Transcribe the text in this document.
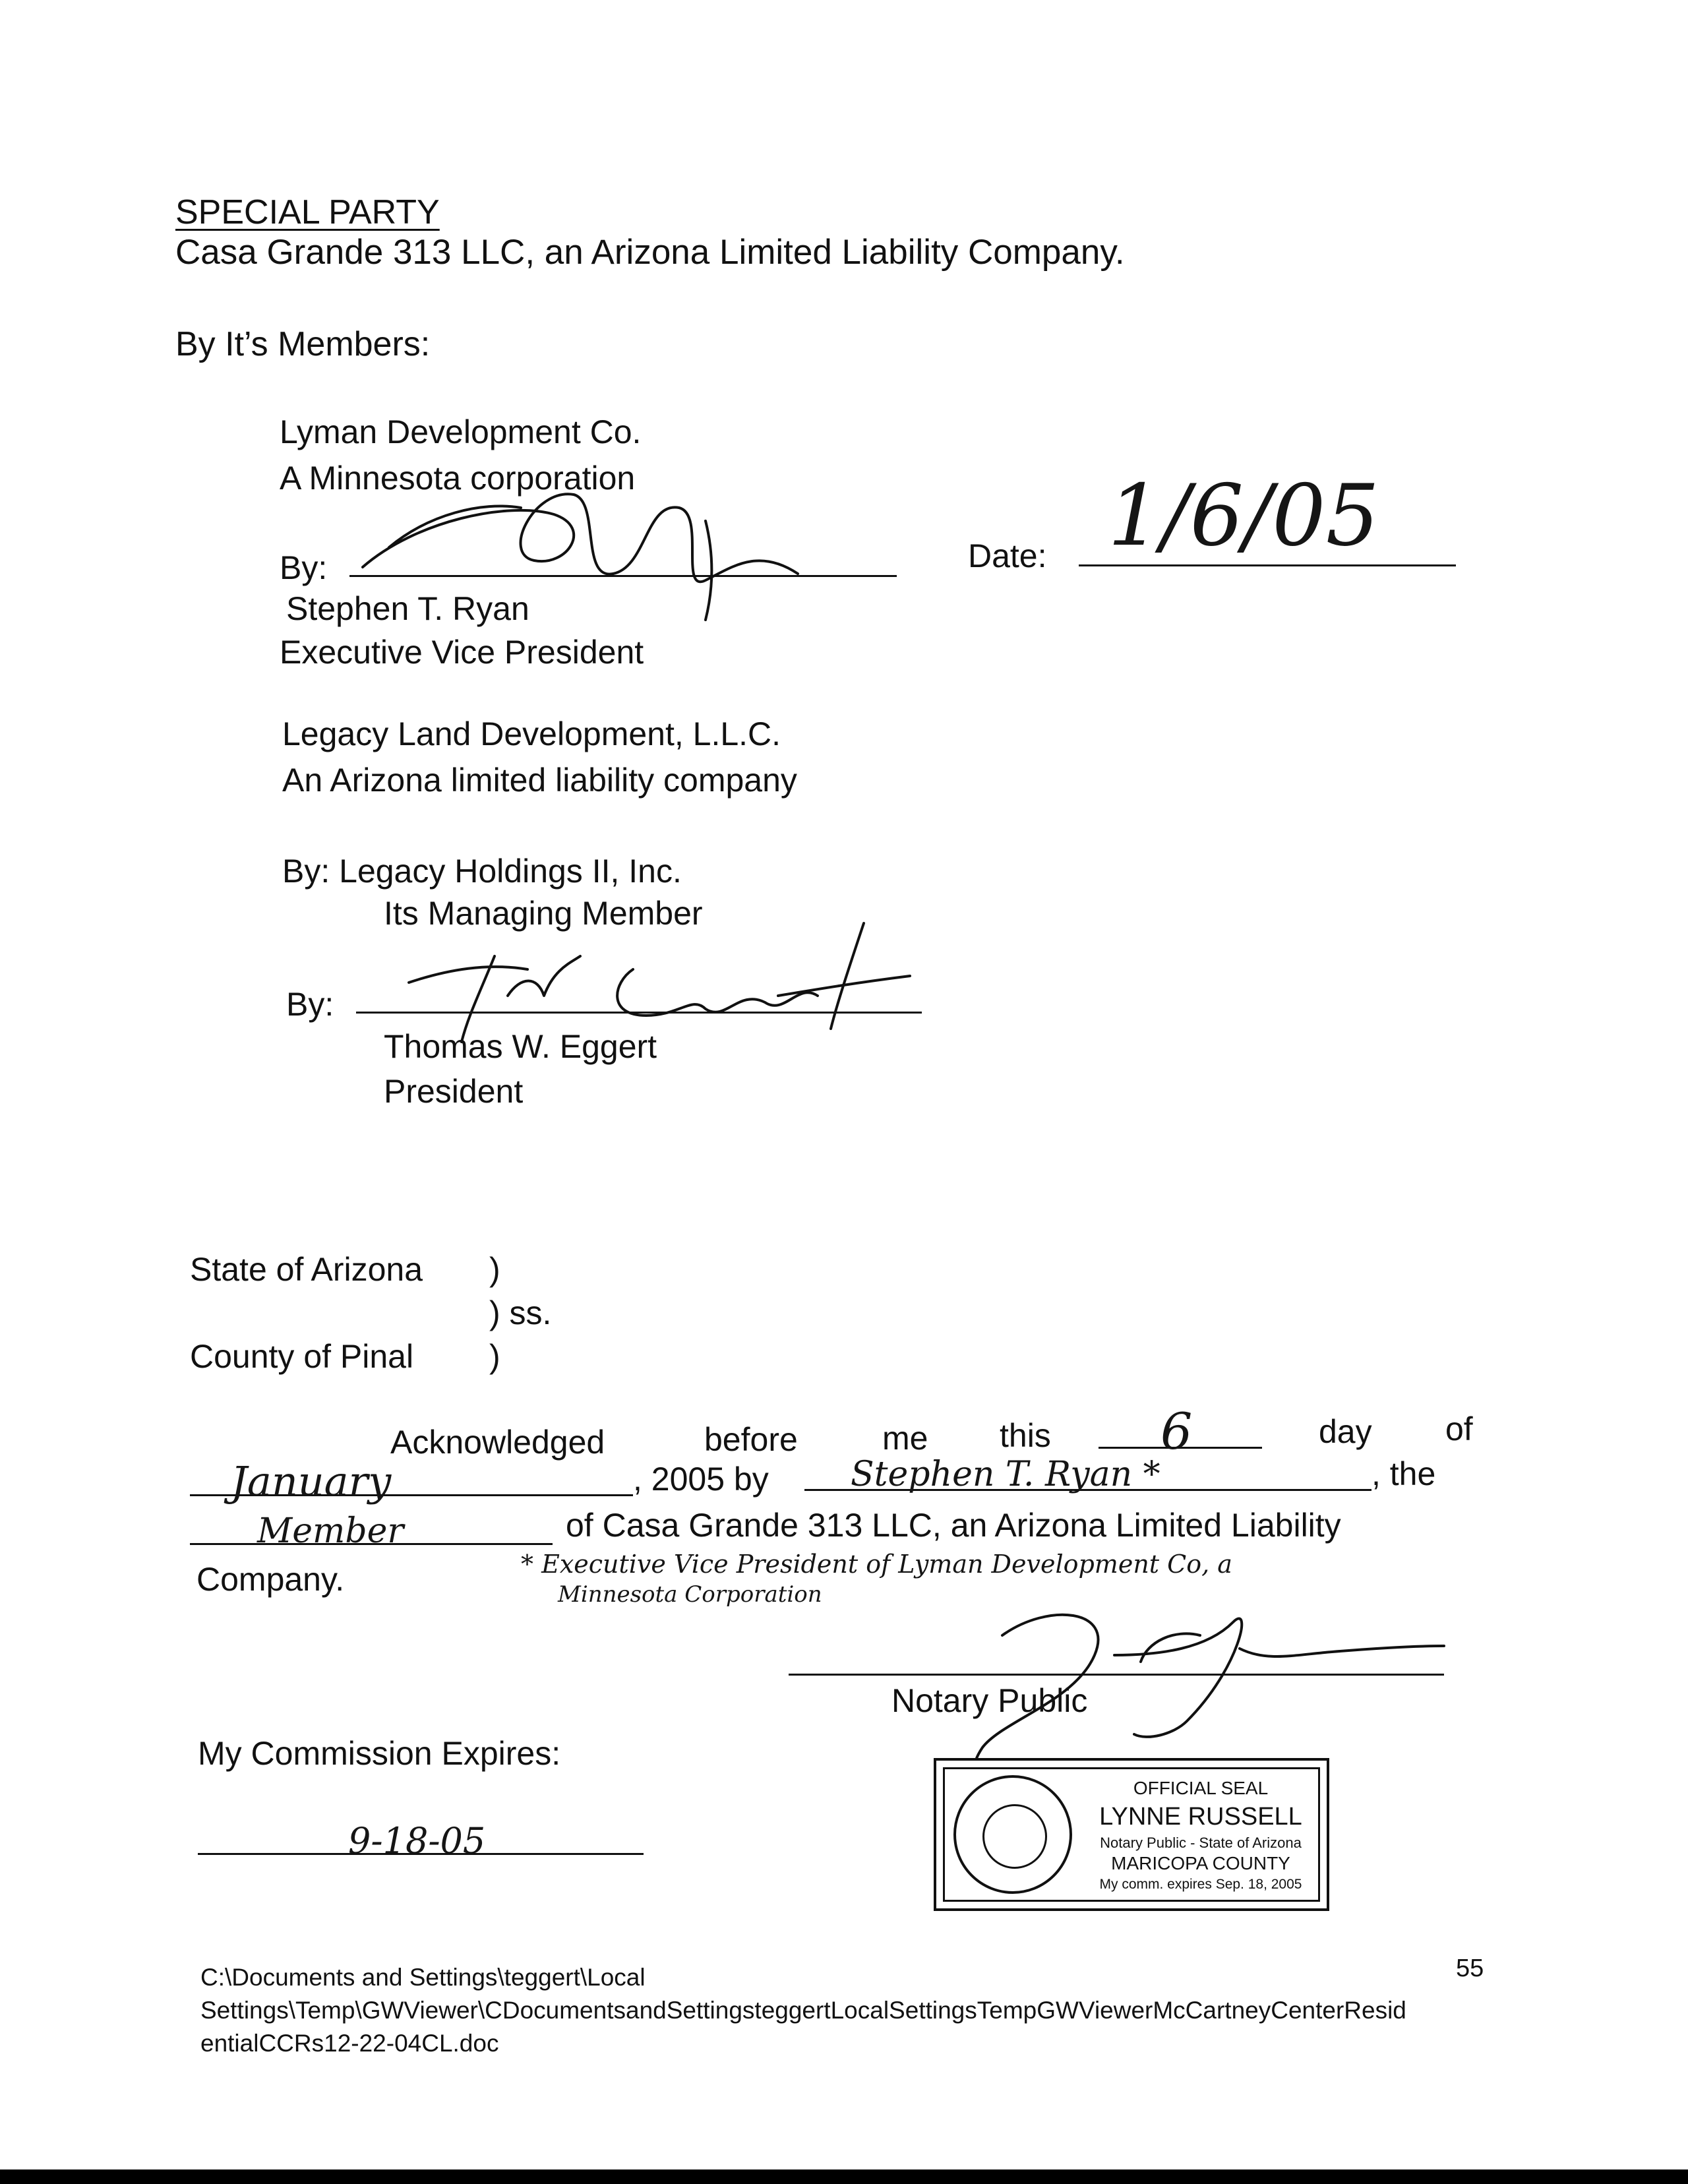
SPECIAL PARTY
Casa Grande 313 LLC, an Arizona Limited Liability Company.
By It’s Members:
Lyman Development Co.
A Minnesota corporation
By:
Stephen T. Ryan
Executive Vice President
Date: 1/6/05
Legacy Land Development, L.L.C.
An Arizona limited liability company
By: Legacy Holdings II, Inc.
Its Managing Member
By:
Thomas W. Eggert
President
State of Arizona )
) ss.
County of Pinal )
Acknowledged	before	me this 6	day of
January	, 2005 by Stephen T. Ryan *	, the
Member	of Casa Grande 313 LLC, an Arizona Limited Liability
Company.	* Executive Vice President of Lyman Development Co, a
Minnesota Corporation
Notary Public
My Commission Expires:
9-18-05
OFFICIAL SEAL
LYNNE RUSSELL
Notary Public - State of Arizona
MARICOPA COUNTY
My comm. expires Sep. 18, 2005
55
C:\Documents and Settings\teggert\Local
Settings\Temp\GWViewer\CDocumentsandSettingsteggertLocalSettingsTempGWViewerMcCartneyCenterResid
entialCCRs12-22-04CL.doc
